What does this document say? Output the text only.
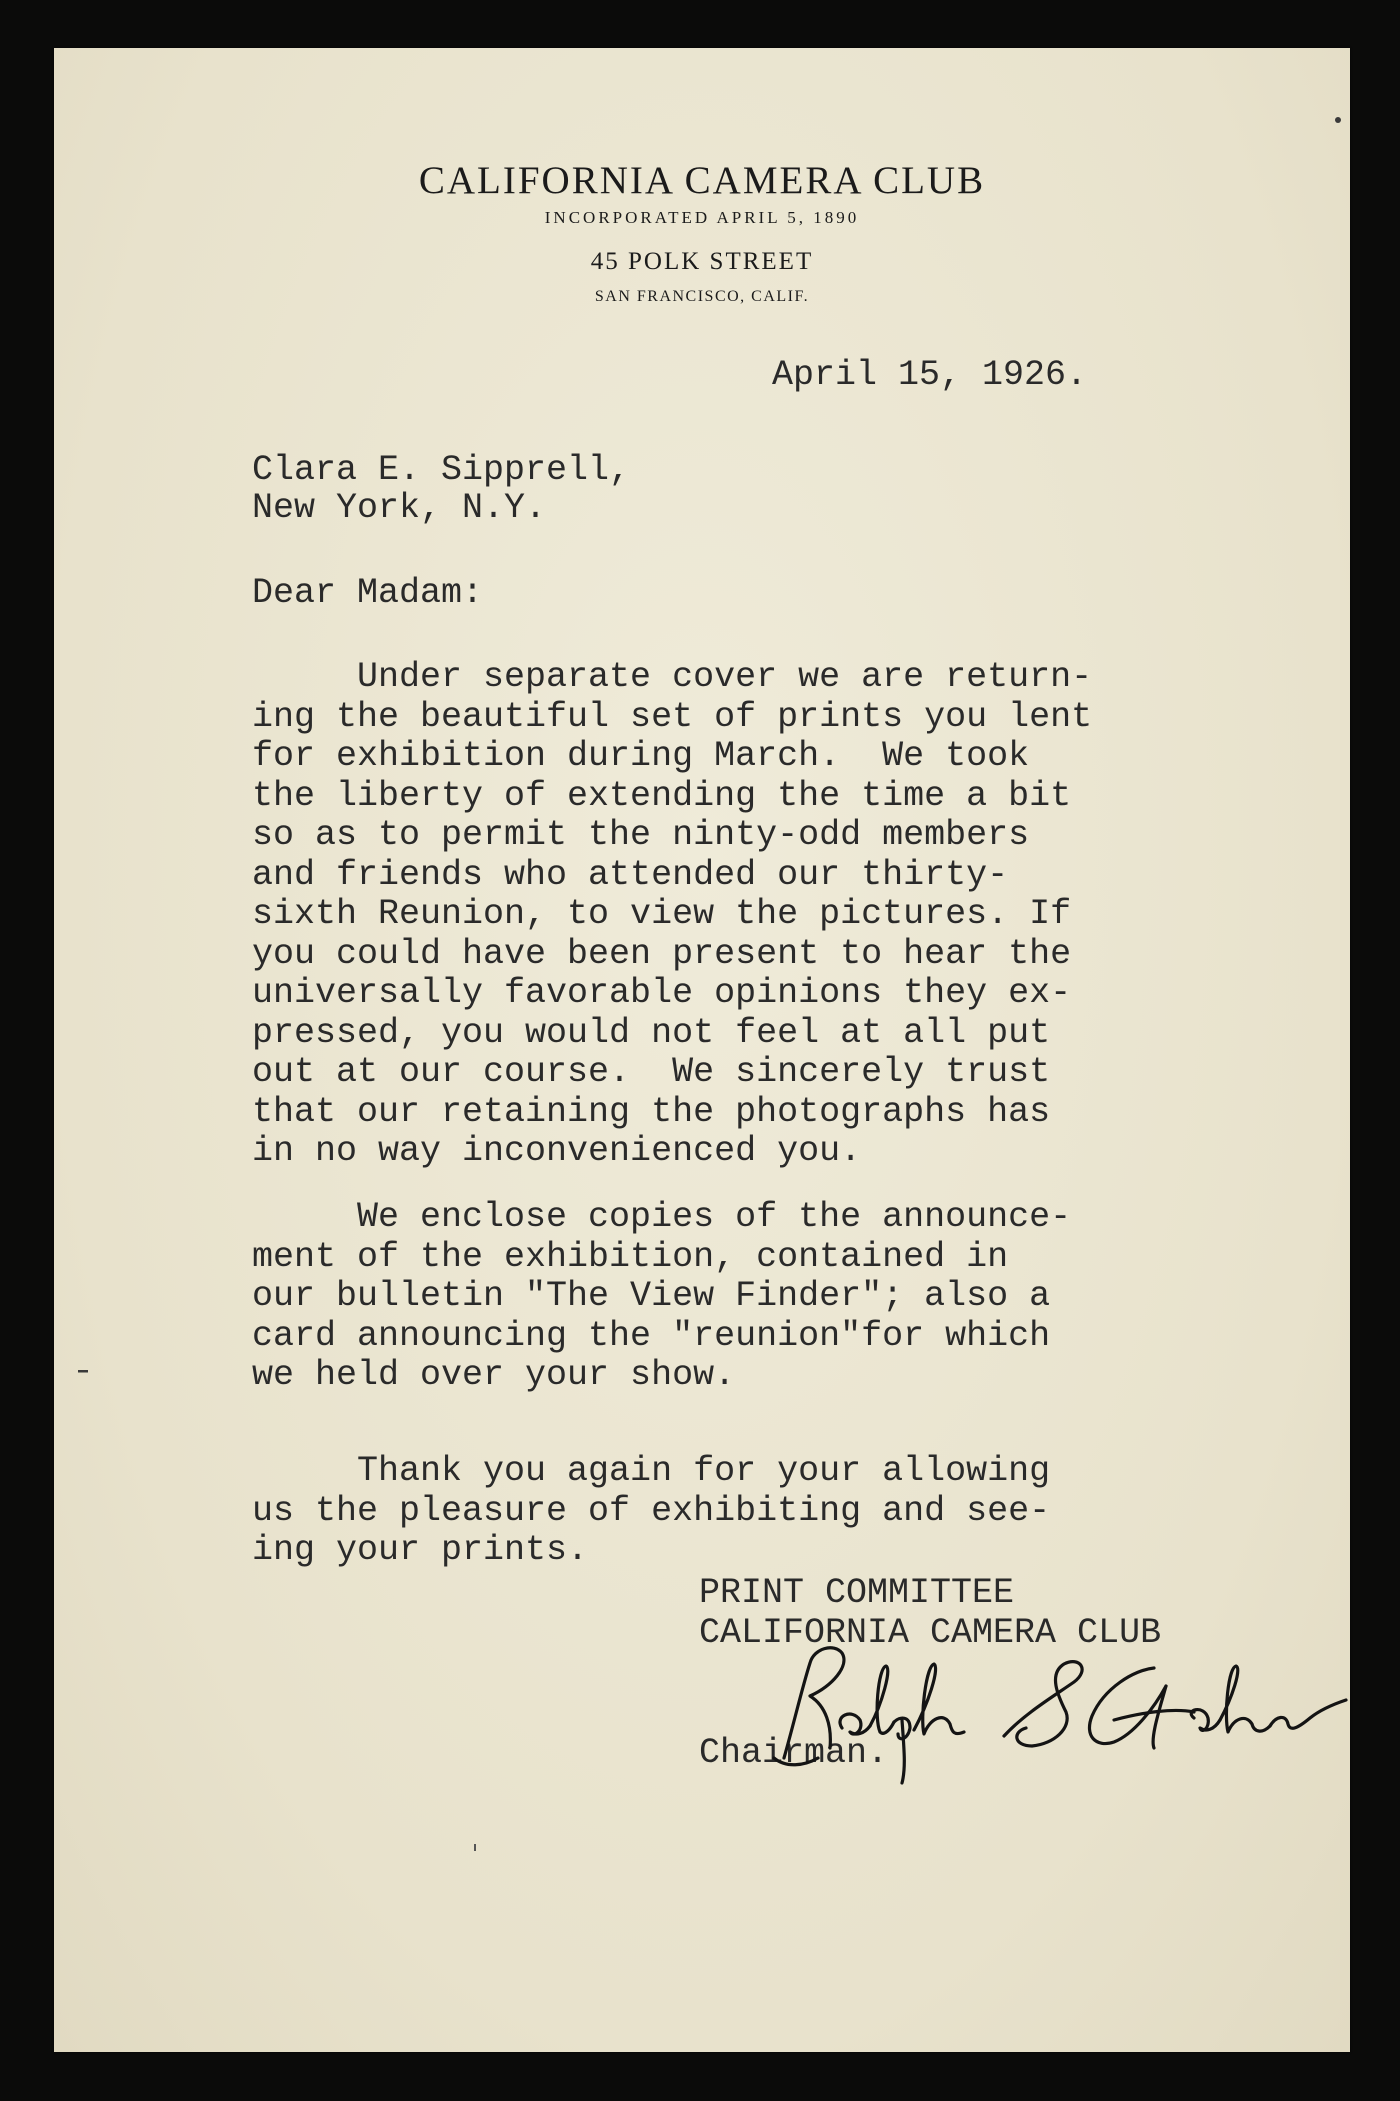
CALIFORNIA CAMERA CLUB
INCORPORATED APRIL 5, 1890
45 POLK STREET
SAN FRANCISCO, CALIF.

April 15, 1926.

Clara E. Sipprell,

New York, N.Y.

Dear Madam:

Under separate cover we are return-
ing the beautiful set of prints you lent
for exhibition during March.  We took
the liberty of extending the time a bit
so as to permit the ninty-odd members
and friends who attended our thirty-
sixth Reunion, to view the pictures. If
you could have been present to hear the
universally favorable opinions they ex-
pressed, you would not feel at all put
out at our course.  We sincerely trust
that our retaining the photographs has
in no way inconvenienced you.

We enclose copies of the announce-
ment of the exhibition, contained in
our bulletin "The View Finder"; also a
card announcing the "reunion"for which
we held over your show.

Thank you again for your allowing
us the pleasure of exhibiting and see-
ing your prints.

PRINT COMMITTEE

CALIFORNIA CAMERA CLUB

Chairman.
